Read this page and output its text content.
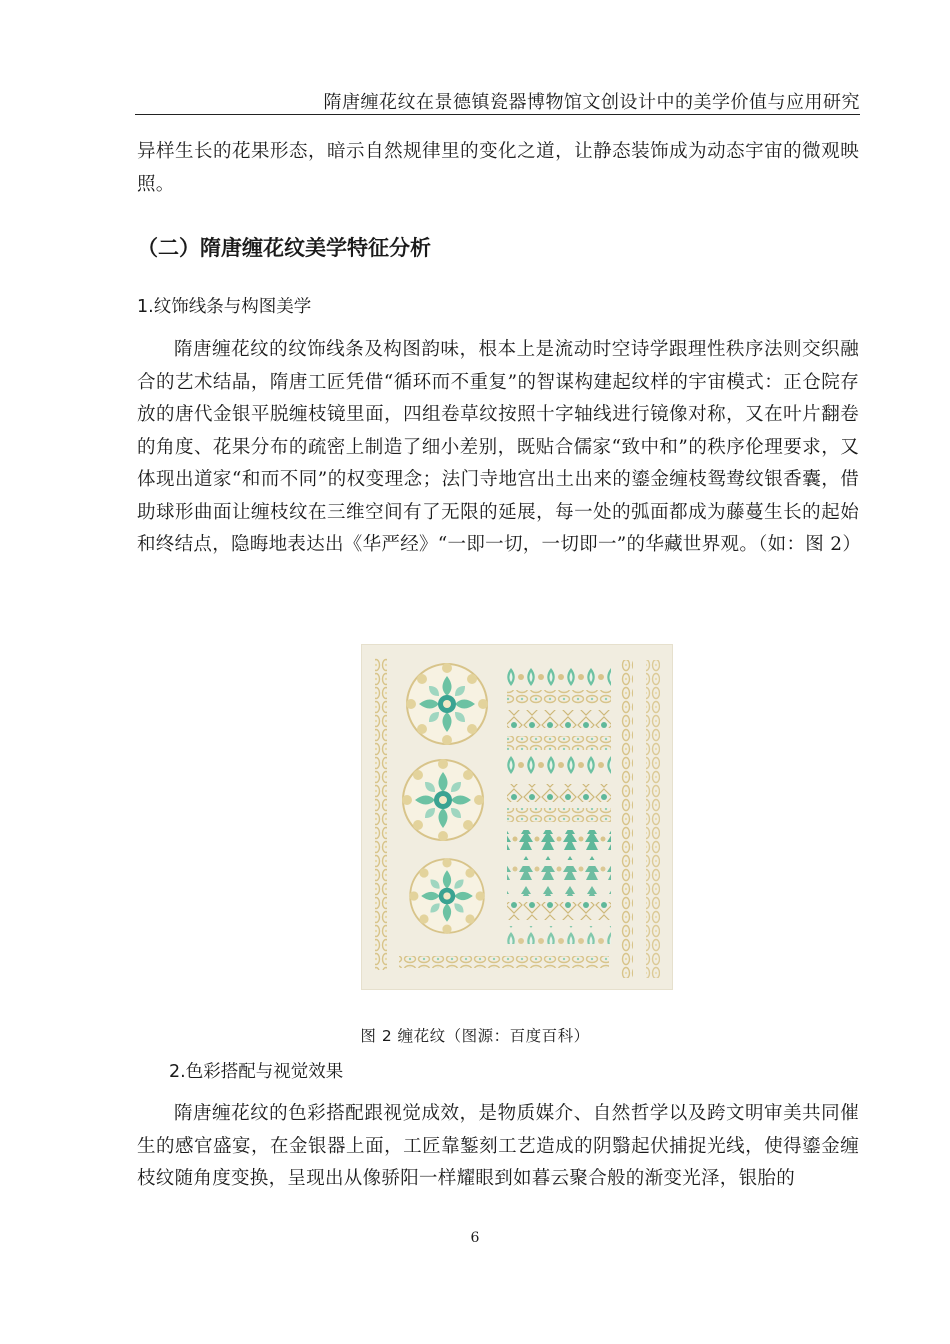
隋唐缠花纹在景德镇瓷器博物馆文创设计中的美学价值与应用研究

异样生长的花果形态，暗示自然规律里的变化之道，让静态装饰成为动态宇宙的微观映照。

（二）隋唐缠花纹美学特征分析
1.纹饰线条与构图美学

隋唐缠花纹的纹饰线条及构图韵味，根本上是流动时空诗学跟理性秩序法则交织融合的艺术结晶，隋唐工匠凭借“循环而不重复”的智谋构建起纹样的宇宙模式：正仓院存放的唐代金银平脱缠枝镜里面，四组卷草纹按照十字轴线进行镜像对称，又在叶片翻卷的角度、花果分布的疏密上制造了细小差别，既贴合儒家“致中和”的秩序伦理要求，又体现出道家“和而不同”的权变理念；法门寺地宫出土出来的鎏金缠枝鸳鸯纹银香囊，借助球形曲面让缠枝纹在三维空间有了无限的延展，每一处的弧面都成为藤蔓生长的起始和终结点，隐晦地表达出《华严经》“一即一切，一切即一”的华藏世界观。（如：图 2）

图 2 缠花纹（图源：百度百科）
2.色彩搭配与视觉效果

隋唐缠花纹的色彩搭配跟视觉成效，是物质媒介、自然哲学以及跨文明审美共同催生的感官盛宴，在金银器上面，工匠靠錾刻工艺造成的阴翳起伏捕捉光线，使得鎏金缠枝纹随角度变换，呈现出从像骄阳一样耀眼到如暮云聚合般的渐变光泽，银胎的

6
